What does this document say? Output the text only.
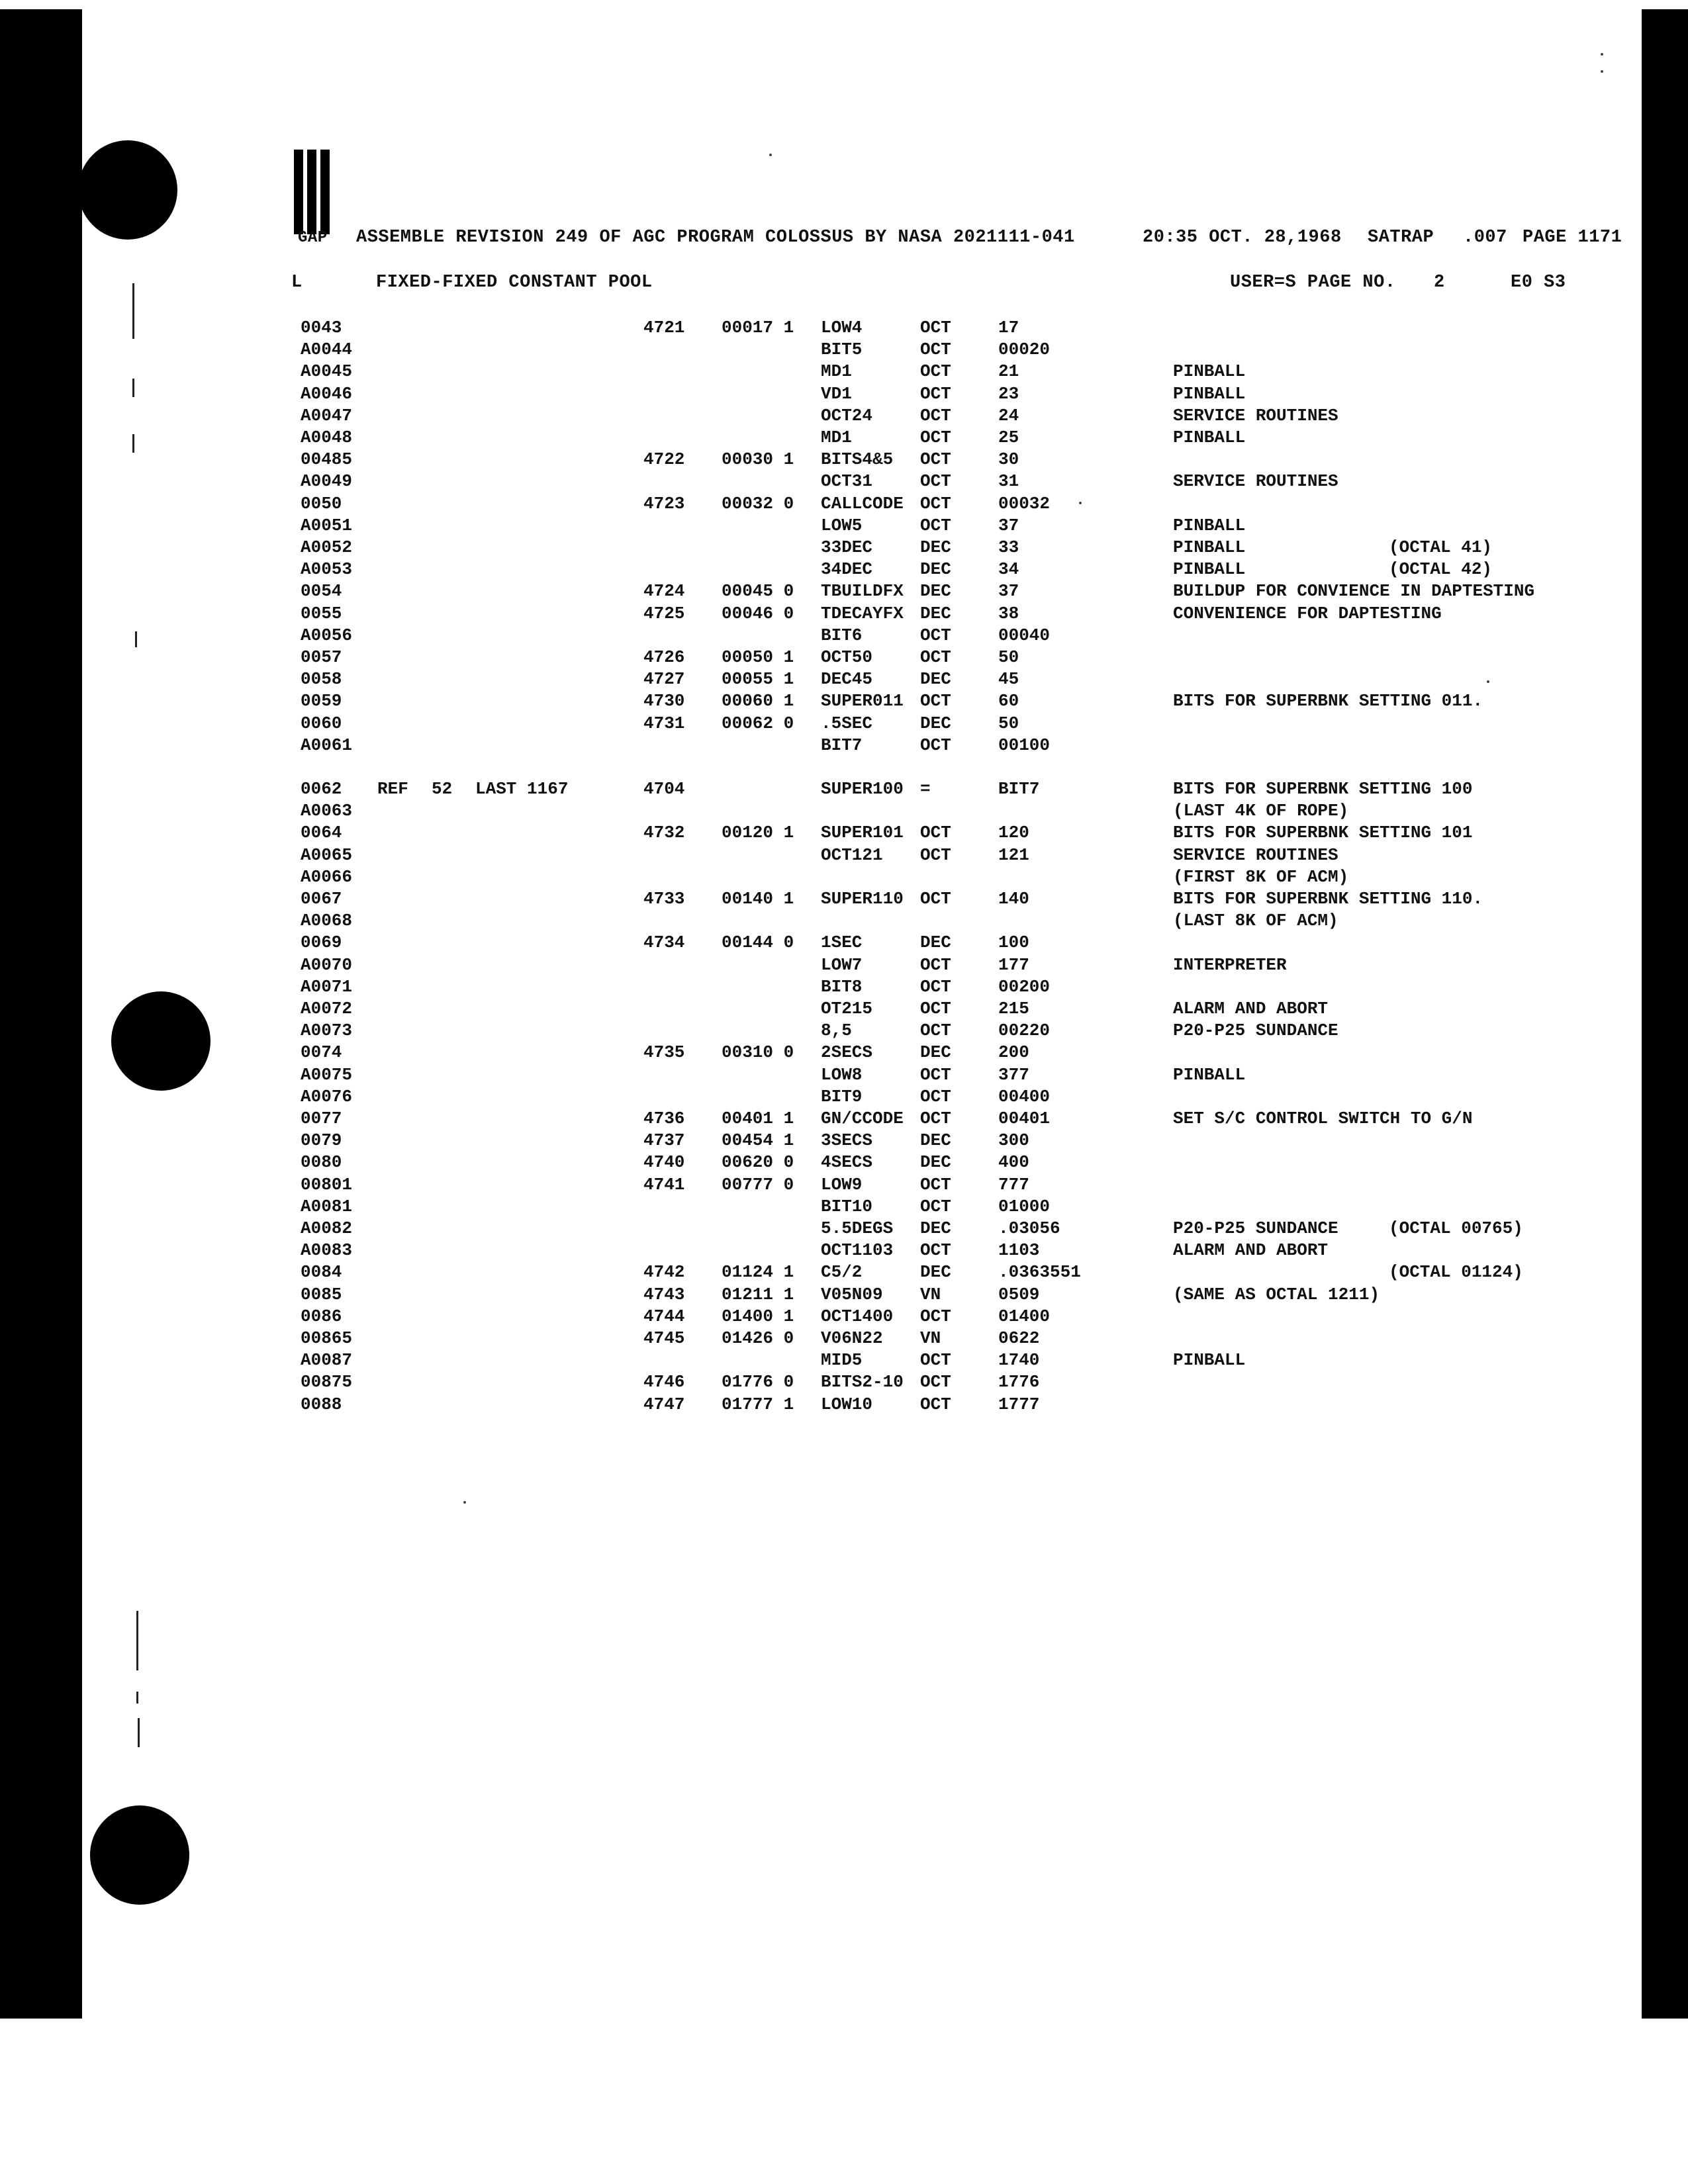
GAP ASSEMBLE REVISION 249 OF AGC PROGRAM COLOSSUS BY NASA 2021111-041	20:35 OCT. 28,1968 SATRAP .007 PAGE 1171
L	FIXED-FIXED CONSTANT POOL	USER=S PAGE NO. 2	E0 S3
0043	4721 00017 1 LOW4	OCT	17
A0044	BIT5	OCT	00020
A0045	MD1	OCT	21	PINBALL
A0046	VD1	OCT	23	PINBALL
A0047	OCT24	OCT	24	SERVICE ROUTINES
A0048	MD1	OCT	25	PINBALL
00485	4722 00030 1 BITS4&5 OCT	30
A0049	OCT31	OCT	31	SERVICE ROUTINES
0050	4723 00032 0 CALLCODE OCT	00032
A0051	LOW5	OCT	37	PINBALL
A0052	33DEC	DEC	33	PINBALL	(OCTAL 41)
A0053	34DEC	DEC	34	PINBALL	(OCTAL 42)
0054	4724 00045 0 TBUILDFX DEC	37	BUILDUP FOR CONVIENCE IN DAPTESTING
0055	4725 00046 0 TDECAYFX DEC	38	CONVENIENCE FOR DAPTESTING
A0056	BIT6	OCT	00040
0057	4726 00050 1 OCT50	OCT	50
0058	4727 00055 1 DEC45	DEC	45
0059	4730 00060 1 SUPER011 OCT	60	BITS FOR SUPERBNK SETTING 011.
0060	4731 00062 0 .5SEC	DEC	50
A0061	BIT7	OCT	00100
0062 REF 52 LAST 1167	4704	SUPER100 =	BIT7	BITS FOR SUPERBNK SETTING 100
A0063	(LAST 4K OF ROPE)
0064	4732 00120 1 SUPER101 OCT	120	BITS FOR SUPERBNK SETTING 101
A0065	OCT121 OCT	121	SERVICE ROUTINES
A0066	(FIRST 8K OF ACM)
0067	4733 00140 1 SUPER110 OCT	140	BITS FOR SUPERBNK SETTING 110.
A0068	(LAST 8K OF ACM)
0069	4734 00144 0 1SEC	DEC	100
A0070	LOW7	OCT	177	INTERPRETER
A0071	BIT8	OCT	00200
A0072	OT215	OCT	215	ALARM AND ABORT
A0073	8,5	OCT	00220	P20-P25 SUNDANCE
0074	4735 00310 0 2SECS	DEC	200
A0075	LOW8	OCT	377	PINBALL
A0076	BIT9	OCT	00400
0077	4736 00401 1 GN/CCODE OCT	00401	SET S/C CONTROL SWITCH TO G/N
0079	4737 00454 1 3SECS	DEC	300
0080	4740 00620 0 4SECS	DEC	400
00801	4741 00777 0 LOW9	OCT	777
A0081	BIT10	OCT	01000
A0082	5.5DEGS DEC	.03056	P20-P25 SUNDANCE	(OCTAL 00765)
A0083	OCT1103 OCT	1103	ALARM AND ABORT
0084	4742 01124 1 C5/2	DEC	.0363551	(OCTAL 01124)
0085	4743 01211 1 V05N09 VN	0509	(SAME AS OCTAL 1211)
0086	4744 01400 1 OCT1400 OCT	01400
00865	4745 01426 0 V06N22 VN	0622
A0087	MID5	OCT	1740	PINBALL
00875	4746 01776 0 BITS2-10 OCT	1776
0088	4747 01777 1 LOW10	OCT	1777
